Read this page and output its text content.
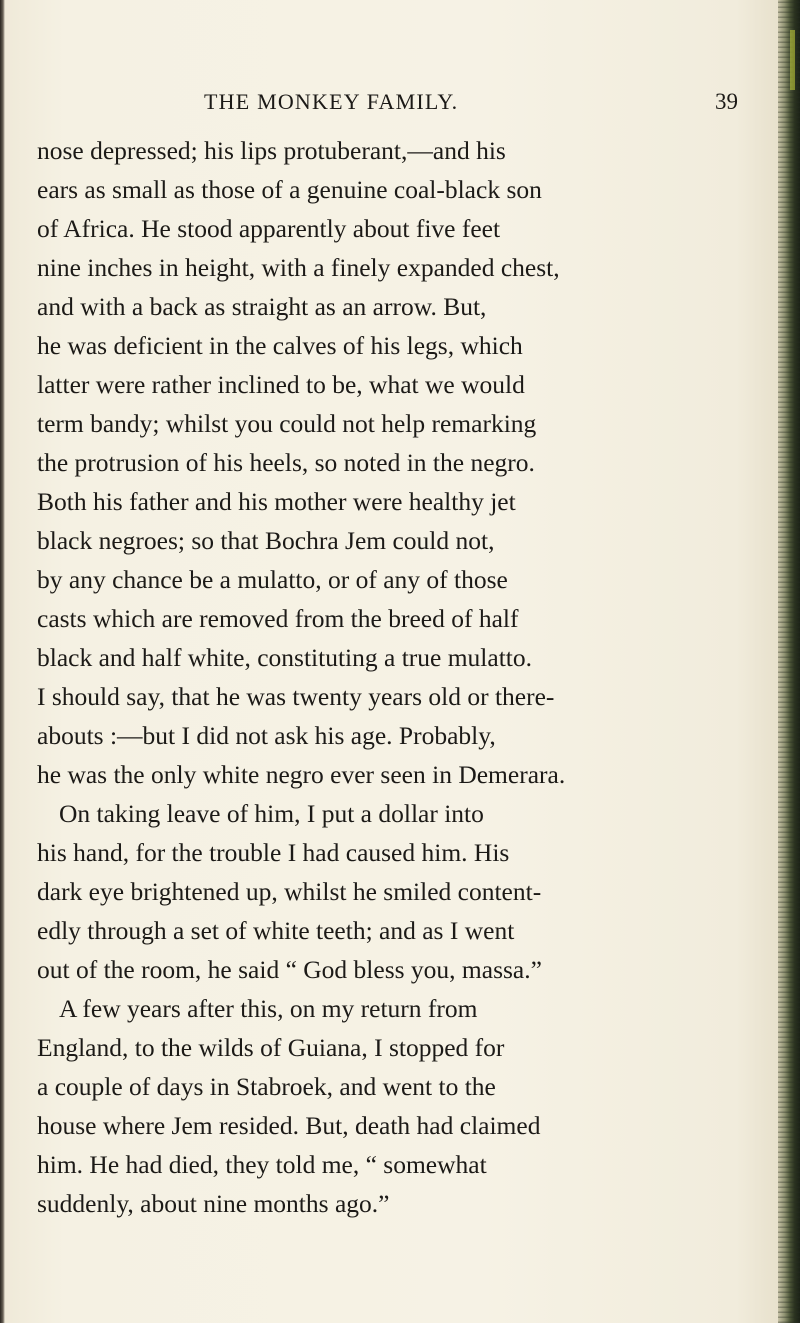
THE MONKEY FAMILY.	39
nose depressed; his lips protuberant,—and his
ears as small as those of a genuine coal-black son
of Africa. He stood apparently about five feet
nine inches in height, with a finely expanded chest,
and with a back as straight as an arrow. But,
he was deficient in the calves of his legs, which
latter were rather inclined to be, what we would
term bandy; whilst you could not help remarking
the protrusion of his heels, so noted in the negro.
Both his father and his mother were healthy jet
black negroes; so that Bochra Jem could not,
by any chance be a mulatto, or of any of those
casts which are removed from the breed of half
black and half white, constituting a true mulatto.
I should say, that he was twenty years old or there-
abouts :—but I did not ask his age. Probably,
he was the only white negro ever seen in Demerara.
On taking leave of him, I put a dollar into
his hand, for the trouble I had caused him. His
dark eye brightened up, whilst he smiled content-
edly through a set of white teeth; and as I went
out of the room, he said “ God bless you, massa.”
A few years after this, on my return from
England, to the wilds of Guiana, I stopped for
a couple of days in Stabroek, and went to the
house where Jem resided. But, death had claimed
him. He had died, they told me, “ somewhat
suddenly, about nine months ago.”
